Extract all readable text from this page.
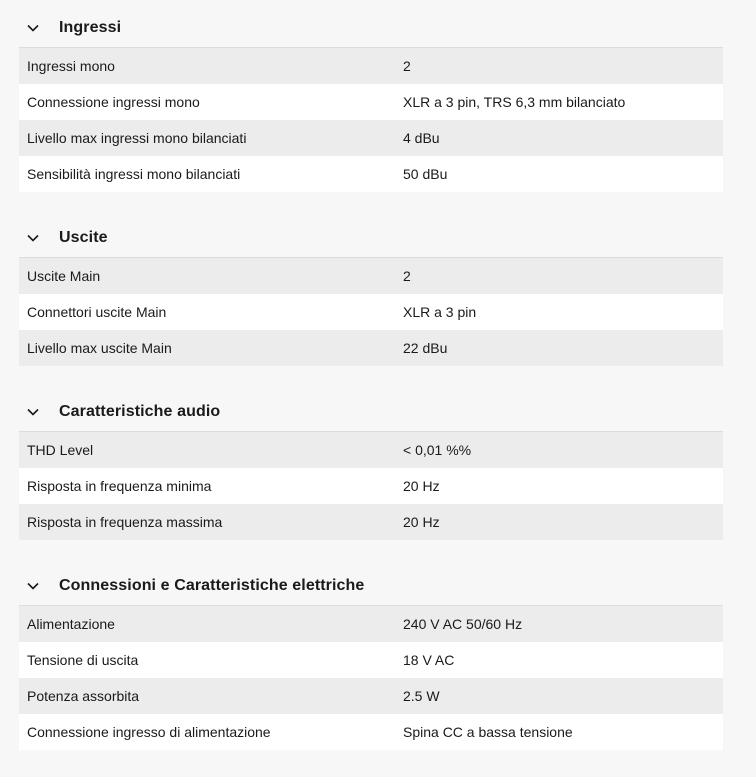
Ingressi
Ingressi mono	2
Connessione ingressi mono	XLR a 3 pin, TRS 6,3 mm bilanciato
Livello max ingressi mono bilanciati	4 dBu
Sensibilità ingressi mono bilanciati	50 dBu
Uscite
Uscite Main	2
Connettori uscite Main	XLR a 3 pin
Livello max uscite Main	22 dBu
Caratteristiche audio
THD Level	< 0,01 %%
Risposta in frequenza minima	20 Hz
Risposta in frequenza massima	20 Hz
Connessioni e Caratteristiche elettriche
Alimentazione	240 V AC 50/60 Hz
Tensione di uscita	18 V AC
Potenza assorbita	2.5 W
Connessione ingresso di alimentazione	Spina CC a bassa tensione
